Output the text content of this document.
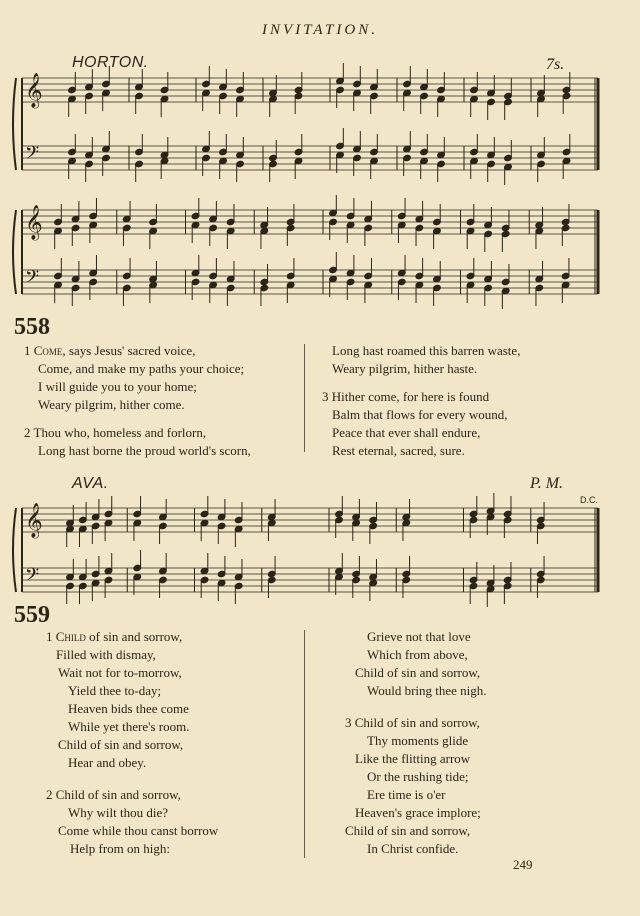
INVITATION.
HORTON.	7s.
𝄞
𝄢
𝄞
𝄢
558

1 Come, says Jesus' sacred voice,

Come, and make my paths your choice;

I will guide you to your home;

Weary pilgrim, hither come.

2 Thou who, homeless and forlorn,

Long hast borne the proud world's scorn,

Long hast roamed this barren waste,

Weary pilgrim, hither haste.

3 Hither come, for here is found

Balm that flows for every wound,

Peace that ever shall endure,

Rest eternal, sacred, sure.

AVA.	P. M.
D.C.
𝄞
𝄢
559

1 Child of sin and sorrow,

Filled with dismay,

Wait not for to-morrow,

Yield thee to-day;

Heaven bids thee come

While yet there's room.

Child of sin and sorrow,

Hear and obey.

2 Child of sin and sorrow,

Why wilt thou die?

Come while thou canst borrow

Help from on high:

Grieve not that love

Which from above,

Child of sin and sorrow,

Would bring thee nigh.

3 Child of sin and sorrow,

Thy moments glide

Like the flitting arrow

Or the rushing tide;

Ere time is o'er

Heaven's grace implore;

Child of sin and sorrow,

In Christ confide.

249
